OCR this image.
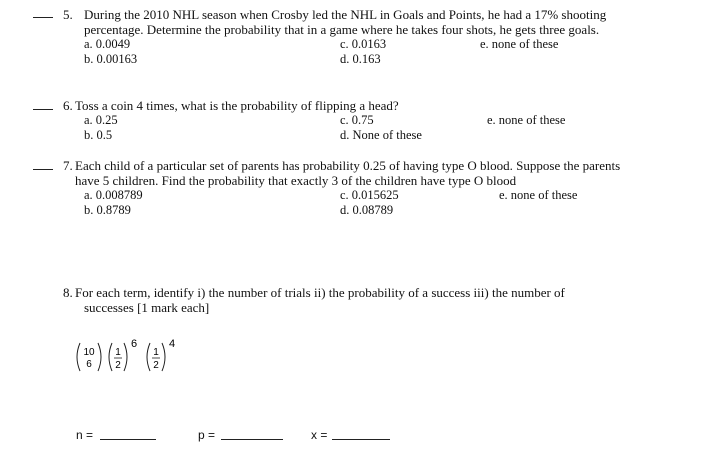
5. During the 2010 NHL season when Crosby led the NHL in Goals and Points, he had a 17% shooting
percentage. Determine the probability that in a game where he takes four shots, he gets three goals.
a. 0.0049	c. 0.0163	e. none of these
b. 0.00163	d. 0.163
6. Toss a coin 4 times, what is the probability of flipping a head?
a. 0.25	c. 0.75	e. none of these
b. 0.5	d. None of these
7. Each child of a particular set of parents has probability 0.25 of having type O blood. Suppose the parents
have 5 children. Find the probability that exactly 3 of the children have type O blood
a. 0.008789	c. 0.015625	e. none of these
b. 0.8789	d. 0.08789
8. For each term, identify i) the number of trials ii) the probability of a success iii) the number of
successes [1 mark each]
10
6
1
2
6
1
2
4
n =	p =	x =
